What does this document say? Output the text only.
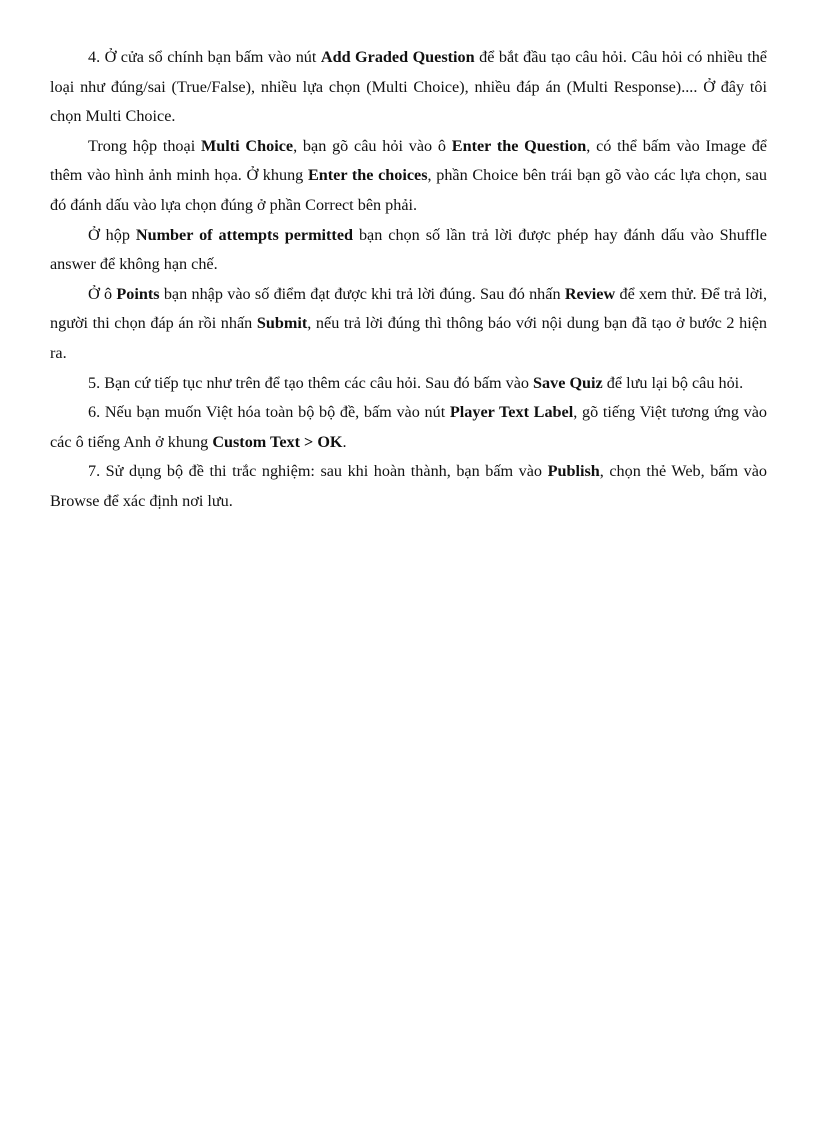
4. Ở cửa sổ chính bạn bấm vào nút Add Graded Question để bắt đầu tạo câu hỏi. Câu hỏi có nhiều thể loại như đúng/sai (True/False), nhiều lựa chọn (Multi Choice), nhiều đáp án (Multi Response).... Ở đây tôi chọn Multi Choice.

Trong hộp thoại Multi Choice, bạn gõ câu hỏi vào ô Enter the Question, có thể bấm vào Image để thêm vào hình ảnh minh họa. Ở khung Enter the choices, phần Choice bên trái bạn gõ vào các lựa chọn, sau đó đánh dấu vào lựa chọn đúng ở phần Correct bên phải.

Ở hộp Number of attempts permitted bạn chọn số lần trả lời được phép hay đánh dấu vào Shuffle answer để không hạn chế.

Ở ô Points bạn nhập vào số điểm đạt được khi trả lời đúng. Sau đó nhấn Review để xem thử. Để trả lời, người thi chọn đáp án rồi nhấn Submit, nếu trả lời đúng thì thông báo với nội dung bạn đã tạo ở bước 2 hiện ra.

5. Bạn cứ tiếp tục như trên để tạo thêm các câu hỏi. Sau đó bấm vào Save Quiz để lưu lại bộ câu hỏi.

6. Nếu bạn muốn Việt hóa toàn bộ bộ đề, bấm vào nút Player Text Label, gõ tiếng Việt tương ứng vào các ô tiếng Anh ở khung Custom Text > OK.

7. Sử dụng bộ đề thi trắc nghiệm: sau khi hoàn thành, bạn bấm vào Publish, chọn thẻ Web, bấm vào Browse để xác định nơi lưu.
